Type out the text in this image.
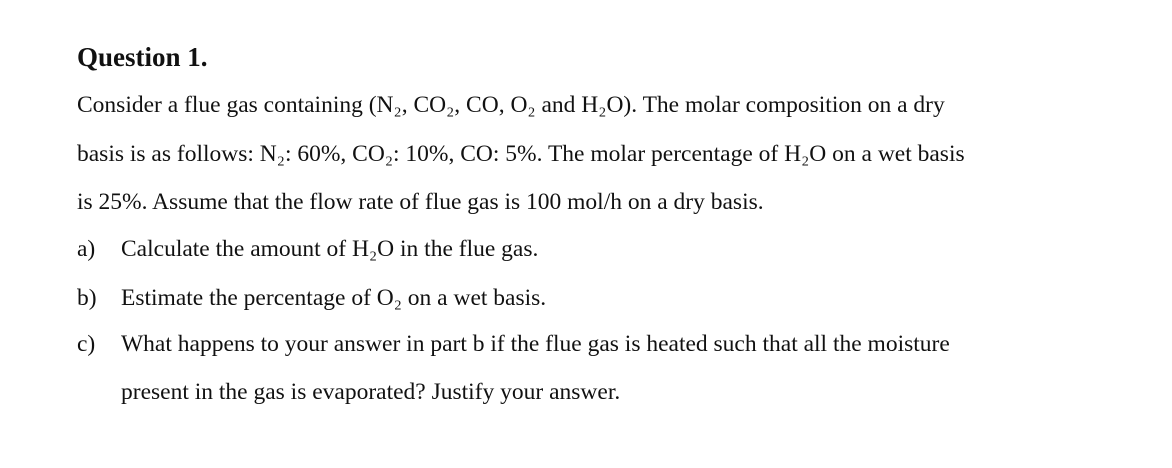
Question 1.
Consider a flue gas containing (N₂, CO₂, CO, O₂ and H₂O). The molar composition on a dry
basis is as follows: N₂: 60%, CO₂: 10%, CO: 5%. The molar percentage of H₂O on a wet basis
is 25%. Assume that the flow rate of flue gas is 100 mol/h on a dry basis.
a) Calculate the amount of H₂O in the flue gas.
b) Estimate the percentage of O₂ on a wet basis.
c) What happens to your answer in part b if the flue gas is heated such that all the moisture
present in the gas is evaporated? Justify your answer.
